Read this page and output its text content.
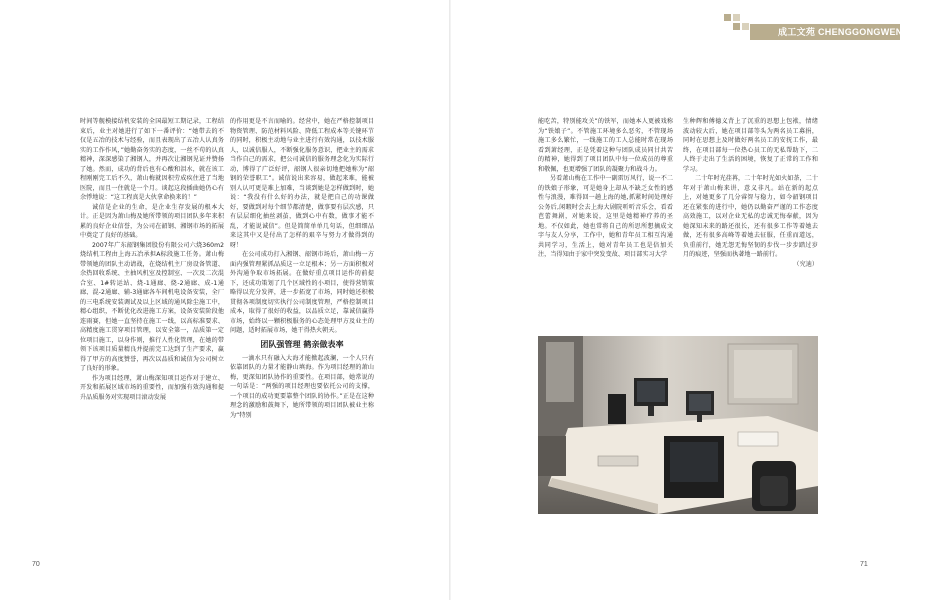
成工文苑 CHENGGONGWENYUAN

时间等舰模接结机安装的全国最短工期记录，工程结束后，业主对她进行了如下一番评价：“她带去的不仅是五冶的技术与经验，而且表现出了五冶人认真务实的工作作风，”她勤奋务实的态度，一丝不苟的认真精神，深深感染了湘钢人，并再次让湘钢见证并赞扬了她。然而，成功的背后也有心酸和泪水，就在该工程刚刚完工后不久，萧山梅就因积劳成疾住进了当地医院，而且一住就是一个月。谈起这段插曲她仍心有余悸地说：“这工程真是大伙拿命换来的！”

诚信是企业的生命，是企业生存发展的根本大计。正是因为萧山梅及她所带领的项目团队多年来积累的良好企业信誉，为公司在韶钢、湘钢市场的拓展中奠定了良好的基础。

2007年广东韶钢集团股份有限公司六烧360m2烧结机工程由上海五冶承担A标段施工任务。萧山梅带领她的团队主动请战，在烧结机主厂房设备管道、余热回收系统、主抽风机室及控制室、一次及二次混合室、1#转运站、烧-1通廊、烧-2通廊、成-1通廊、混-2通廊、辅-3通廊各车间机电设备安装，全厂的三电系统安装调试及以上区域的通风除尘施工中，精心组织，不断优化改进施工方案，设备安装阶段他连雨赛，但她一直坚持在施工一线，以高标准要求、高精度施工贯穿项目管理，以安全第一，品质第一定位项目施工，以身作则，推行人性化管理，在她的带领下该项目质量精良并提前完工达到了生产要求，赢得了甲方的高度赞誉，再次以品质和诚信为公司树立了良好的形象。

作为项目经理，萧山梅深知项目运作对于建立、开发和拓展区域市场的重要性，而加强有效沟通和提升品质服务对实现项目滚动发展

的作用更是不言而喻的。经营中，她在严格控制项目物资管理、防范材料风险、降低工程成本等关键环节的同时，积极主动地与业主进行有效沟通，以技术服人，以诚信服人，不断强化服务意识，把业主的需求当作自己的需求，把公司诚信的服务理念化为实际行动，博得了广泛好评，韶钢人很亲切地把她称为“韶钢的荣誉职工”。诚信说出来容易，做起来难，能被别人认可更是难上加难，当谈到她是怎样做到时，她说：“我没有什么好的办法，就是把自己的功课做好，要做到对每个细节都清楚，做事要有层次感，只有层层细化抽丝剥茧，做到心中有数，做事才能不乱，才能说诚信”。但是简简单单几句话，但细细品来这其中又是付出了怎样的艰辛与努力才做得到的呀！

在公司成功打入湘钢、韶钢市场后，萧山梅一方面内强管理紧抓品质这一立足根本；另一方面积极对外沟通争取市场拓展。在做好重点项目运作的前提下，还成功策划了几个区域性的小项目，使得营销策略得以充分发挥，进一步拓宽了市场，同时她还积极贯彻各项制度切实执行公司制度管理，严格控制项目成本，取得了很好的收益，以品质立足，靠诚信赢得市场，始终以一颗积极服务的心态处理甲方及业主的问题，适时拓展市场，她干得热火朝天。

团队强管理 鹤亲做表率

一滴水只有融入大海才能掀起波澜，一个人只有依靠团队的力量才能静山填海。作为项目经理的萧山梅，更深知团队协作的重要性。在项目部，她常说的一句话是：“两强的项目经理也要依托公司的支撑，一个项目的成功更要靠整个团队的协作。”正是在这种理念的激励和鼓舞下，她所带领的项目团队被业主称为“特别

能吃苦，特别能攻关”的铁军，而她本人更被戏称为“铁娘子”。不管施工环境多么恶劣，不管现场施工多么繁忙，一线施工的工人总能时常在现场看到萧经理，正是凭着这种与团队成员同甘共苦的精神，她得到了项目团队中每一位成员的尊重和敬佩，也更增强了团队的凝聚力和战斗力。

另看萧山梅在工作中一副雷厉风行，说一不二的铁娘子形象，可是她身上却从不缺乏女性的感性与浪漫，难得回一趟上海的她,抓紧时间处理好公务后,闲暇时会去上海大剧院听听音乐会，看看芭蕾舞剧，对她来说，这里是她精神疗养的圣地。不仅如此，她也常将自己的所思所想摘成文字与友人分享，工作中，她和青年员工相互沟通共同学习，生活上，她对青年员工也是倍加关注，当得知由于家中突发变故、项目部实习大学

生种辉和傅德义背上了沉重的思想上包袱，情绪波动较大后，她在项目部等头为两名员工募捐，同时在思想上及时做好两名员工的安抚工作，最终，在项目部每一位热心员工的无私帮助下，二人终于走出了生活的困境，恢复了正常的工作和学习。

二十年时光荏苒，二十年时光如火如荼，二十年对于萧山梅来讲，意义非凡。站在新的起点上，对她更多了几分睿智与稳力，如今韶钢项目还在紧张的进行中，她仍以勤奋严谨的工作态度高效施工，以对企业无私的忠诚无悔奉献，因为她深知未来的路还很长，还有很多工作等着她去做，还有很多高峰等着她去征服，任重而道远，负重前行，她无怨无悔坚韧的步伐一步步踏过岁月的痕迹，坚强而执著地一路前行。

（究迪）

70	71
